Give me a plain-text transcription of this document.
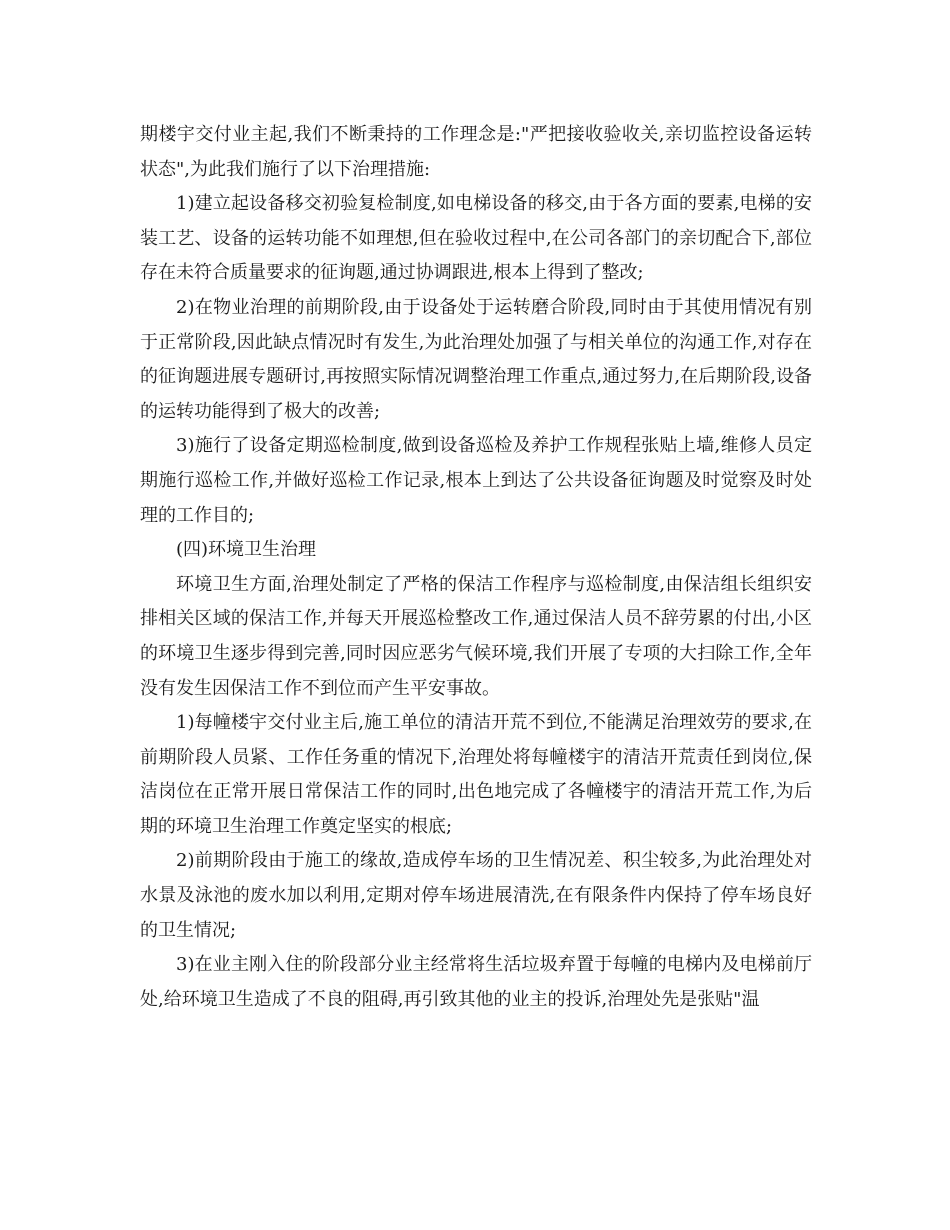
期楼宇交付业主起,我们不断秉持的工作理念是:"严把接收验收关,亲切监控设备运转状态",为此我们施行了以下治理措施:

1)建立起设备移交初验复检制度,如电梯设备的移交,由于各方面的要素,电梯的安装工艺、设备的运转功能不如理想,但在验收过程中,在公司各部门的亲切配合下,部位存在未符合质量要求的征询题,通过协调跟进,根本上得到了整改;

2)在物业治理的前期阶段,由于设备处于运转磨合阶段,同时由于其使用情况有别于正常阶段,因此缺点情况时有发生,为此治理处加强了与相关单位的沟通工作,对存在的征询题进展专题研讨,再按照实际情况调整治理工作重点,通过努力,在后期阶段,设备的运转功能得到了极大的改善;

3)施行了设备定期巡检制度,做到设备巡检及养护工作规程张贴上墙,维修人员定期施行巡检工作,并做好巡检工作记录,根本上到达了公共设备征询题及时觉察及时处理的工作目的;

(四)环境卫生治理

环境卫生方面,治理处制定了严格的保洁工作程序与巡检制度,由保洁组长组织安排相关区域的保洁工作,并每天开展巡检整改工作,通过保洁人员不辞劳累的付出,小区的环境卫生逐步得到完善,同时因应恶劣气候环境,我们开展了专项的大扫除工作,全年没有发生因保洁工作不到位而产生平安事故。

1)每幢楼宇交付业主后,施工单位的清洁开荒不到位,不能满足治理效劳的要求,在前期阶段人员紧、工作任务重的情况下,治理处将每幢楼宇的清洁开荒责任到岗位,保洁岗位在正常开展日常保洁工作的同时,出色地完成了各幢楼宇的清洁开荒工作,为后期的环境卫生治理工作奠定坚实的根底;

2)前期阶段由于施工的缘故,造成停车场的卫生情况差、积尘较多,为此治理处对水景及泳池的废水加以利用,定期对停车场进展清洗,在有限条件内保持了停车场良好的卫生情况;

3)在业主刚入住的阶段部分业主经常将生活垃圾弃置于每幢的电梯内及电梯前厅处,给环境卫生造成了不良的阻碍,再引致其他的业主的投诉,治理处先是张贴"温
